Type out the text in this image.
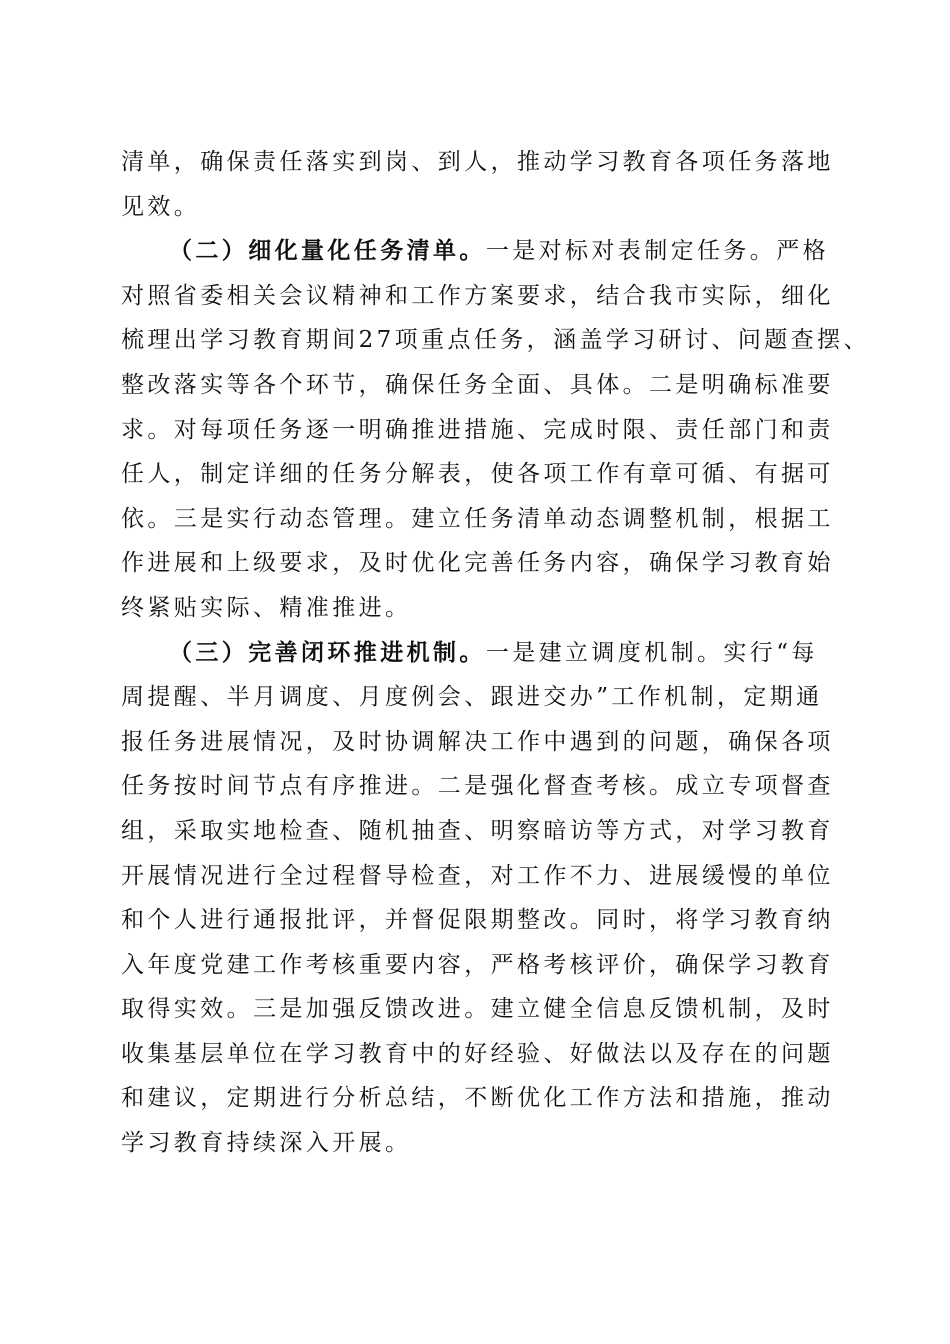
清单，确保责任落实到岗、到人，推动学习教育各项任务落地
见效。
（二）细化量化任务清单。一是对标对表制定任务。严格
对照省委相关会议精神和工作方案要求，结合我市实际，细化
梳理出学习教育期间27项重点任务，涵盖学习研讨、问题查摆、
整改落实等各个环节，确保任务全面、具体。二是明确标准要
求。对每项任务逐一明确推进措施、完成时限、责任部门和责
任人，制定详细的任务分解表，使各项工作有章可循、有据可
依。三是实行动态管理。建立任务清单动态调整机制，根据工
作进展和上级要求，及时优化完善任务内容，确保学习教育始
终紧贴实际、精准推进。
（三）完善闭环推进机制。一是建立调度机制。实行“每
周提醒、半月调度、月度例会、跟进交办”工作机制，定期通
报任务进展情况，及时协调解决工作中遇到的问题，确保各项
任务按时间节点有序推进。二是强化督查考核。成立专项督查
组，采取实地检查、随机抽查、明察暗访等方式，对学习教育
开展情况进行全过程督导检查，对工作不力、进展缓慢的单位
和个人进行通报批评，并督促限期整改。同时，将学习教育纳
入年度党建工作考核重要内容，严格考核评价，确保学习教育
取得实效。三是加强反馈改进。建立健全信息反馈机制，及时
收集基层单位在学习教育中的好经验、好做法以及存在的问题
和建议，定期进行分析总结，不断优化工作方法和措施，推动
学习教育持续深入开展。
